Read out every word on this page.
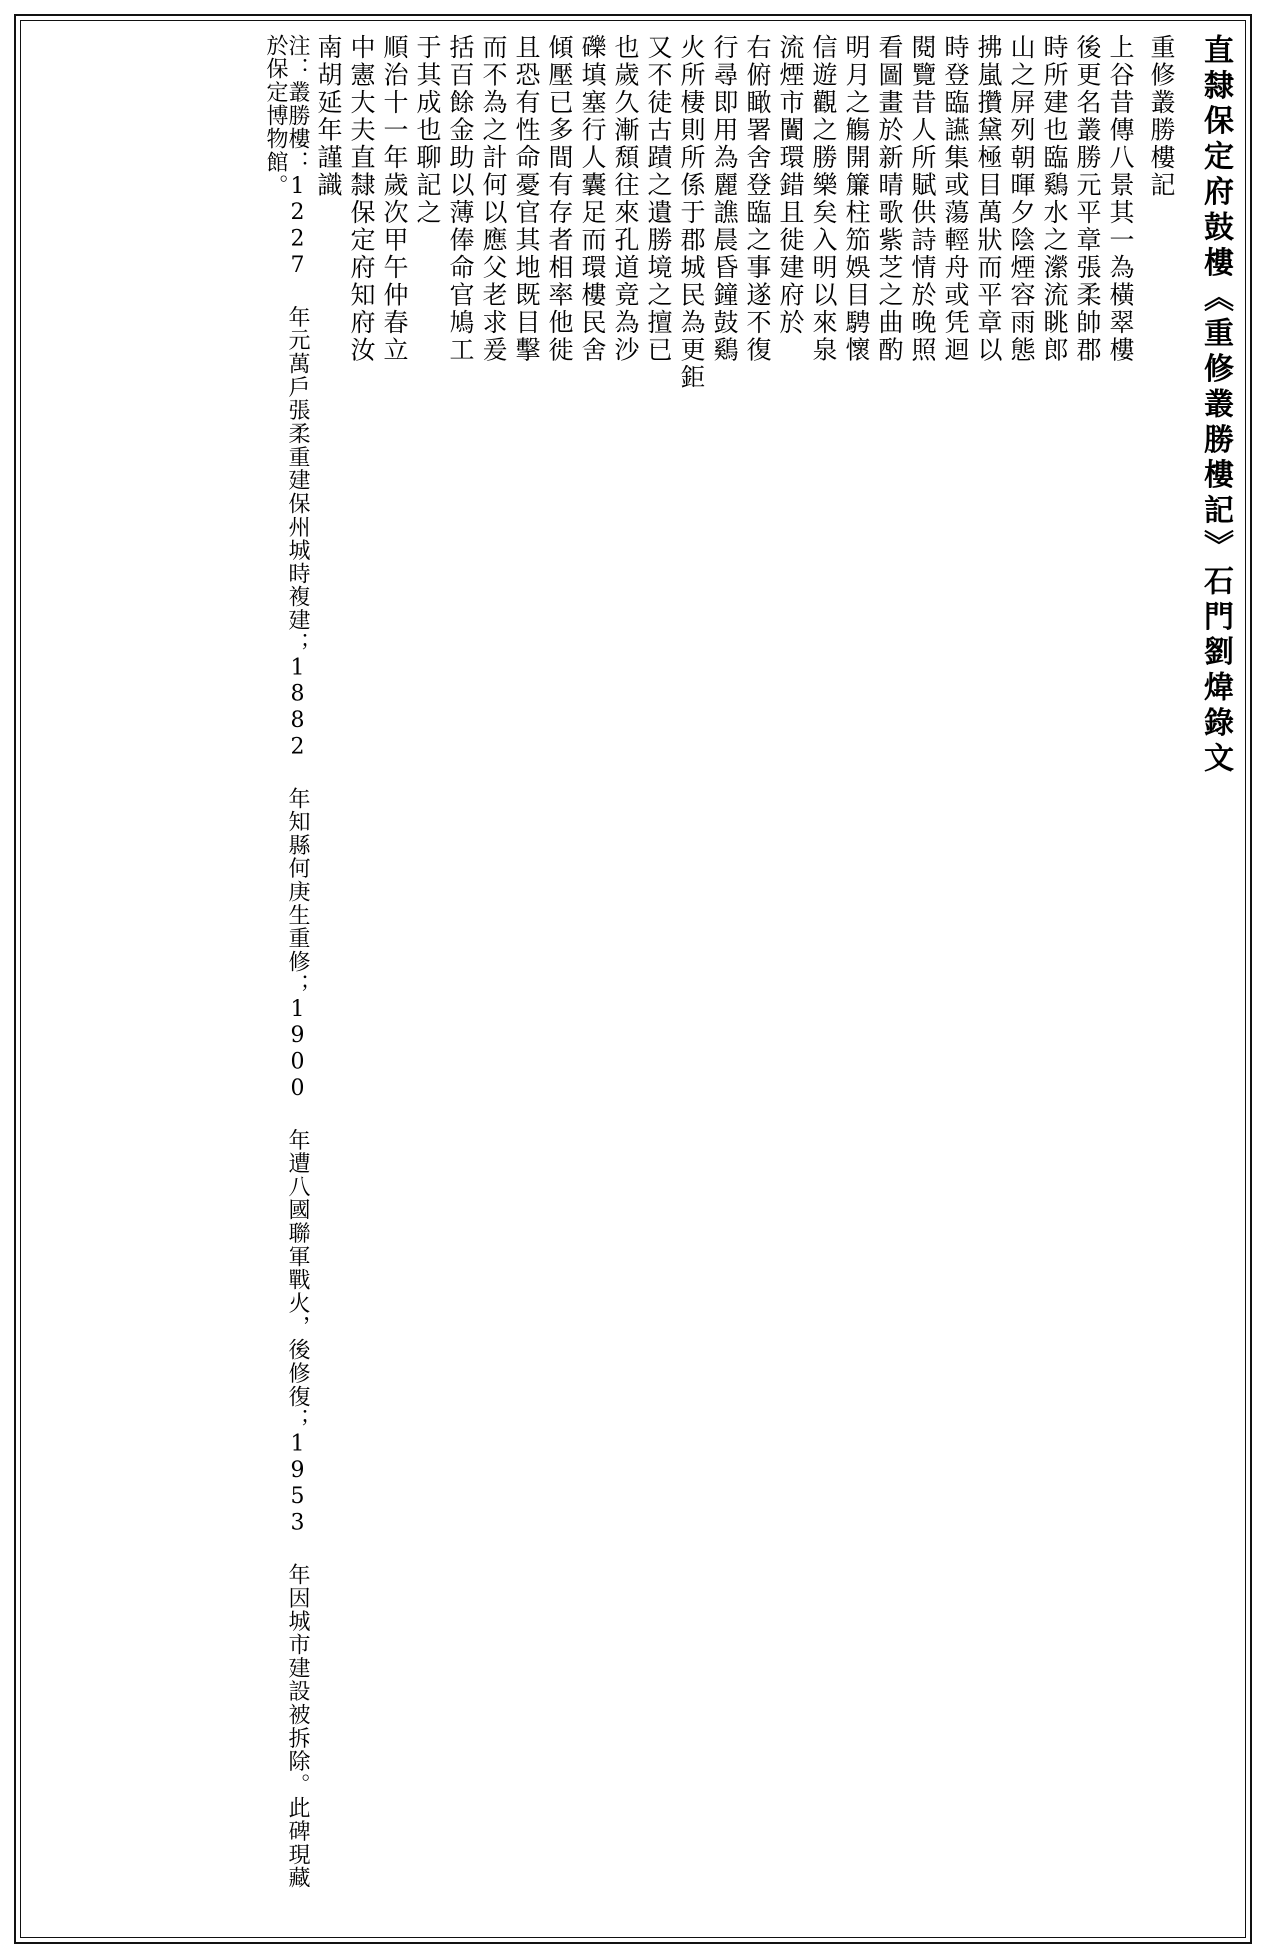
直隸保定府鼓樓《重修叢勝樓記》石門劉煒錄文
重修叢勝樓記
上谷昔傳八景其一為橫翠樓
後更名叢勝元平章張柔帥郡
時所建也臨鷄水之瀠流眺郎
山之屏列朝暉夕陰煙容雨態
拂嵐攢黛極目萬狀而平章以
時登臨讌集或蕩輕舟或凭迴
閱覽昔人所賦供詩情於晚照
看圖畫於新晴歌紫芝之曲酌
明月之觴開簾柱笳娛目騁懷
信遊觀之勝樂矣入明以來泉
流煙市闠環錯且徙建府於
右俯瞰署舍登臨之事遂不復
行尋即用為麗譙晨昏鐘鼓鷄
火所棲則所係于郡城民為更鉅
又不徒古蹟之遺勝境之擅已
也歲久漸頹往來孔道竟為沙
礫填塞行人囊足而環樓民舍
傾壓已多間有存者相率他徙
且恐有性命憂官其地既目擊
而不為之計何以應父老求爰
括百餘金助以薄俸命官鳩工
于其成也聊記之
順治十一年歲次甲午仲春立
中憲大夫直隸保定府知府汝
南胡延年謹識
注：叢勝樓：1227 年元萬戶張柔重建保州城時複建；1882 年知縣何庚生重修；1900 年遭八國聯軍戰火，後修復；1953 年因城市建設被拆除。此碑現藏於保定博物館。
